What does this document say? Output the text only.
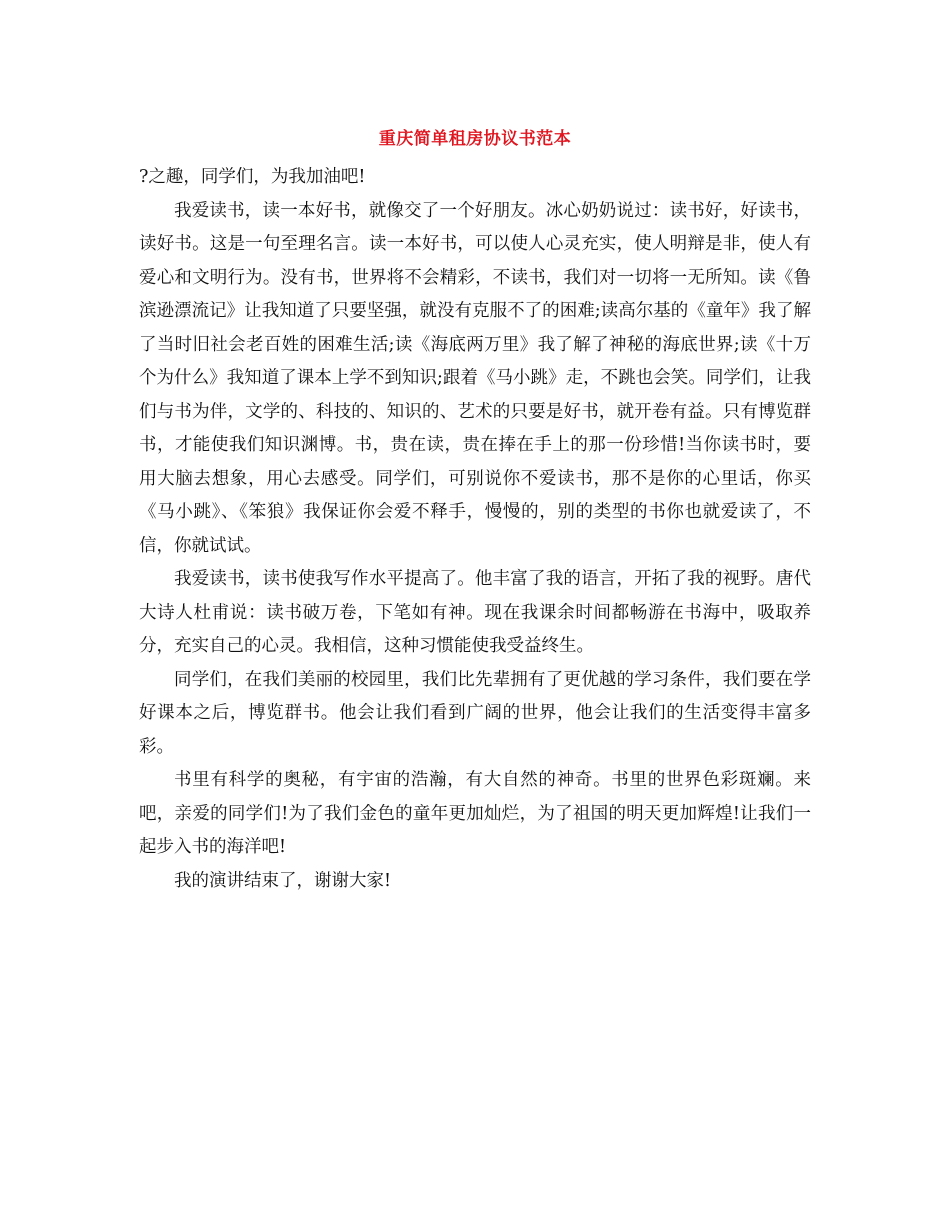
重庆简单租房协议书范本

?之趣，同学们，为我加油吧!

我爱读书，读一本好书，就像交了一个好朋友。冰心奶奶说过：读书好，好读书，读好书。这是一句至理名言。读一本好书，可以使人心灵充实，使人明辩是非，使人有爱心和文明行为。没有书，世界将不会精彩，不读书，我们对一切将一无所知。读《鲁滨逊漂流记》让我知道了只要坚强，就没有克服不了的困难;读高尔基的《童年》我了解了当时旧社会老百姓的困难生活;读《海底两万里》我了解了神秘的海底世界;读《十万个为什么》我知道了课本上学不到知识;跟着《马小跳》走，不跳也会笑。同学们，让我们与书为伴，文学的、科技的、知识的、艺术的只要是好书，就开卷有益。只有博览群书，才能使我们知识渊博。书，贵在读，贵在捧在手上的那一份珍惜!当你读书时，要用大脑去想象，用心去感受。同学们，可别说你不爱读书，那不是你的心里话，你买《马小跳》、《笨狼》我保证你会爱不释手，慢慢的，别的类型的书你也就爱读了，不信，你就试试。

我爱读书，读书使我写作水平提高了。他丰富了我的语言，开拓了我的视野。唐代大诗人杜甫说：读书破万卷，下笔如有神。现在我课余时间都畅游在书海中，吸取养分，充实自己的心灵。我相信，这种习惯能使我受益终生。

同学们，在我们美丽的校园里，我们比先辈拥有了更优越的学习条件，我们要在学好课本之后，博览群书。他会让我们看到广阔的世界，他会让我们的生活变得丰富多彩。

书里有科学的奥秘，有宇宙的浩瀚，有大自然的神奇。书里的世界色彩斑斓。来吧，亲爱的同学们!为了我们金色的童年更加灿烂，为了祖国的明天更加辉煌!让我们一起步入书的海洋吧!

我的演讲结束了，谢谢大家!
